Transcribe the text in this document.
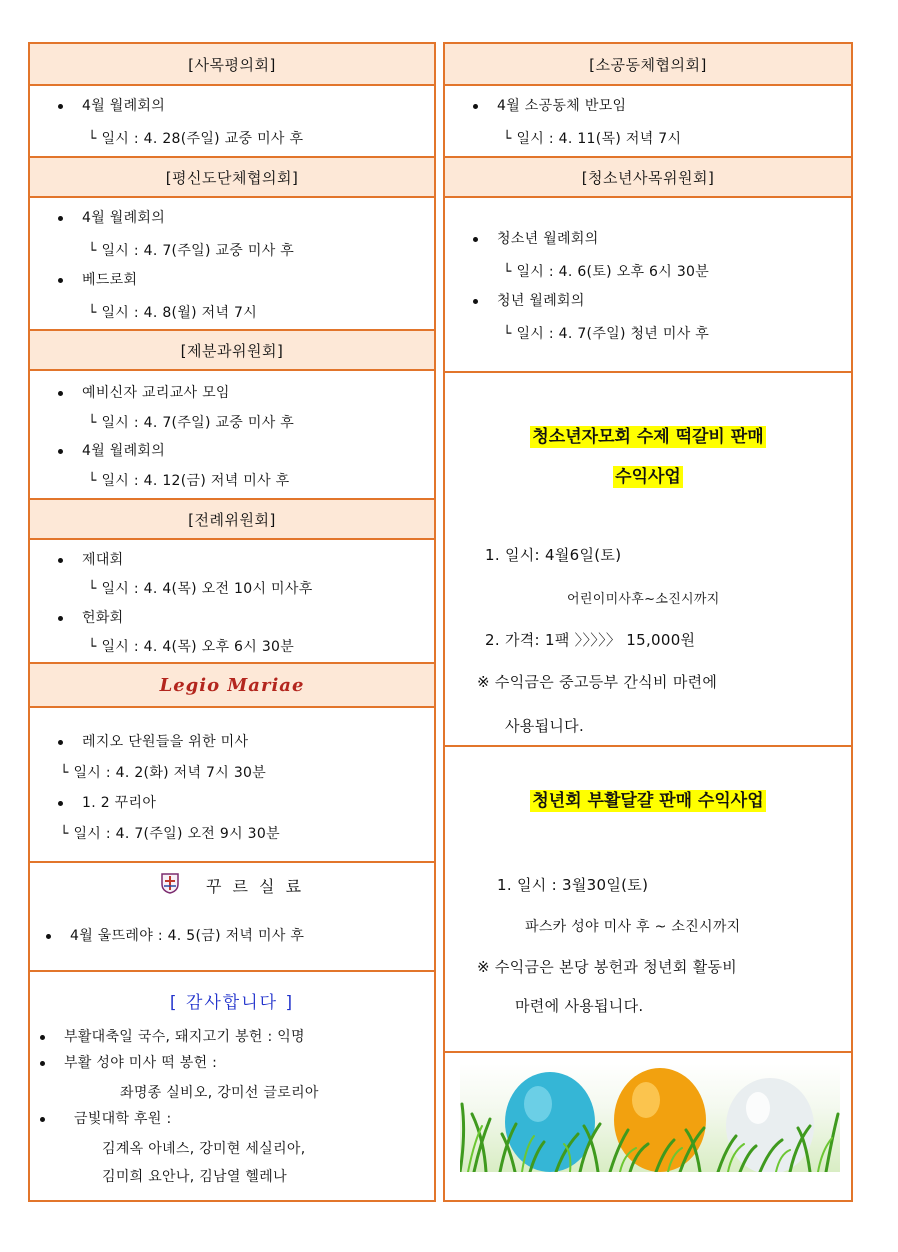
[사목평의회]
4월 월례회의
└ 일시 : 4. 28(주일) 교중 미사 후
[평신도단체협의회]
4월 월례회의
└ 일시 : 4. 7(주일) 교중 미사 후
베드로회
└ 일시 : 4. 8(월) 저녁 7시
[제분과위원회]
예비신자 교리교사 모임
└ 일시 : 4. 7(주일) 교중 미사 후
4월 월례회의
└ 일시 : 4. 12(금) 저녁 미사 후
[전례위원회]
제대회
└ 일시 : 4. 4(목) 오전 10시 미사후
헌화회
└ 일시 : 4. 4(목) 오후 6시 30분
Legio Mariae
레지오 단원들을 위한 미사
└ 일시 : 4. 2(화) 저녁 7시 30분
1. 2 꾸리아
└ 일시 : 4. 7(주일) 오전 9시 30분
꾸 르 실 료
4월 울뜨레야 : 4. 5(금) 저녁 미사 후
[ 감사합니다 ]
부활대축일 국수, 돼지고기 봉헌 : 익명
부활 성야 미사 떡 봉헌 :
좌명종 실비오, 강미선 글로리아
금빛대학 후원 :
김계옥 아녜스, 강미현 세실리아,
김미희 요안나, 김남열 헬레나
[소공동체협의회]
4월 소공동체 반모임
└ 일시 : 4. 11(목) 저녁 7시
[청소년사목위원회]
청소년 월례회의
└ 일시 : 4. 6(토) 오후 6시 30분
청년 월례회의
└ 일시 : 4. 7(주일) 청년 미사 후
청소년자모회 수제 떡갈비 판매
수익사업
1. 일시: 4월6일(토)
어린이미사후~소진시까지
2. 가격: 1팩 〉〉〉〉〉 15,000원
※ 수익금은 중고등부 간식비 마련에
사용됩니다.
청년회 부활달걀 판매 수익사업
1. 일시 : 3월30일(토)
파스카 성야 미사 후 ~ 소진시까지
※ 수익금은 본당 봉헌과 청년회 활동비
마련에 사용됩니다.
